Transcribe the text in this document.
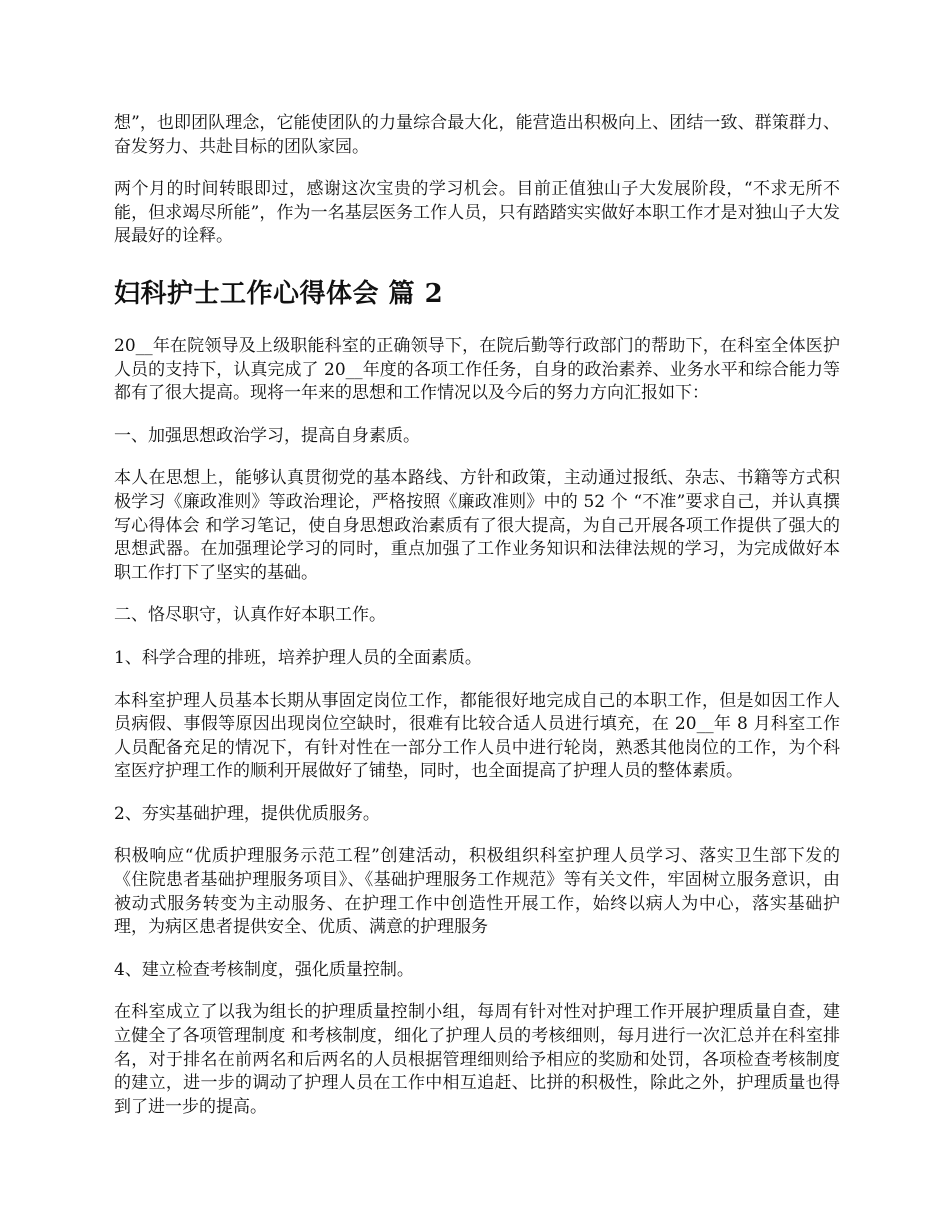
想”，也即团队理念，它能使团队的力量综合最大化，能营造出积极向上、团结一致、群策群力、奋发努力、共赴目标的团队家园。

两个月的时间转眼即过，感谢这次宝贵的学习机会。目前正值独山子大发展阶段，“不求无所不能，但求竭尽所能”，作为一名基层医务工作人员，只有踏踏实实做好本职工作才是对独山子大发展最好的诠释。

妇科护士工作心得体会 篇 2

20__年在院领导及上级职能科室的正确领导下，在院后勤等行政部门的帮助下，在科室全体医护人员的支持下，认真完成了 20__年度的各项工作任务，自身的政治素养、业务水平和综合能力等都有了很大提高。现将一年来的思想和工作情况以及今后的努力方向汇报如下：

一、加强思想政治学习，提高自身素质。

本人在思想上，能够认真贯彻党的基本路线、方针和政策，主动通过报纸、杂志、书籍等方式积极学习《廉政准则》等政治理论，严格按照《廉政准则》中的 52 个 “不准”要求自己，并认真撰写心得体会 和学习笔记，使自身思想政治素质有了很大提高，为自己开展各项工作提供了强大的思想武器。在加强理论学习的同时，重点加强了工作业务知识和法律法规的学习，为完成做好本职工作打下了坚实的基础。

二、恪尽职守，认真作好本职工作。

1、科学合理的排班，培养护理人员的全面素质。

本科室护理人员基本长期从事固定岗位工作，都能很好地完成自己的本职工作，但是如因工作人员病假、事假等原因出现岗位空缺时，很难有比较合适人员进行填充，在 20__年 8 月科室工作人员配备充足的情况下，有针对性在一部分工作人员中进行轮岗，熟悉其他岗位的工作，为个科室医疗护理工作的顺利开展做好了铺垫，同时，也全面提高了护理人员的整体素质。

2、夯实基础护理，提供优质服务。

积极响应“优质护理服务示范工程”创建活动，积极组织科室护理人员学习、落实卫生部下发的《住院患者基础护理服务项目》、《基础护理服务工作规范》等有关文件，牢固树立服务意识，由被动式服务转变为主动服务、在护理工作中创造性开展工作，始终以病人为中心，落实基础护理，为病区患者提供安全、优质、满意的护理服务

4、建立检查考核制度，强化质量控制。

在科室成立了以我为组长的护理质量控制小组，每周有针对性对护理工作开展护理质量自查，建立健全了各项管理制度 和考核制度，细化了护理人员的考核细则，每月进行一次汇总并在科室排名，对于排名在前两名和后两名的人员根据管理细则给予相应的奖励和处罚，各项检查考核制度的建立，进一步的调动了护理人员在工作中相互追赶、比拼的积极性，除此之外，护理质量也得到了进一步的提高。
